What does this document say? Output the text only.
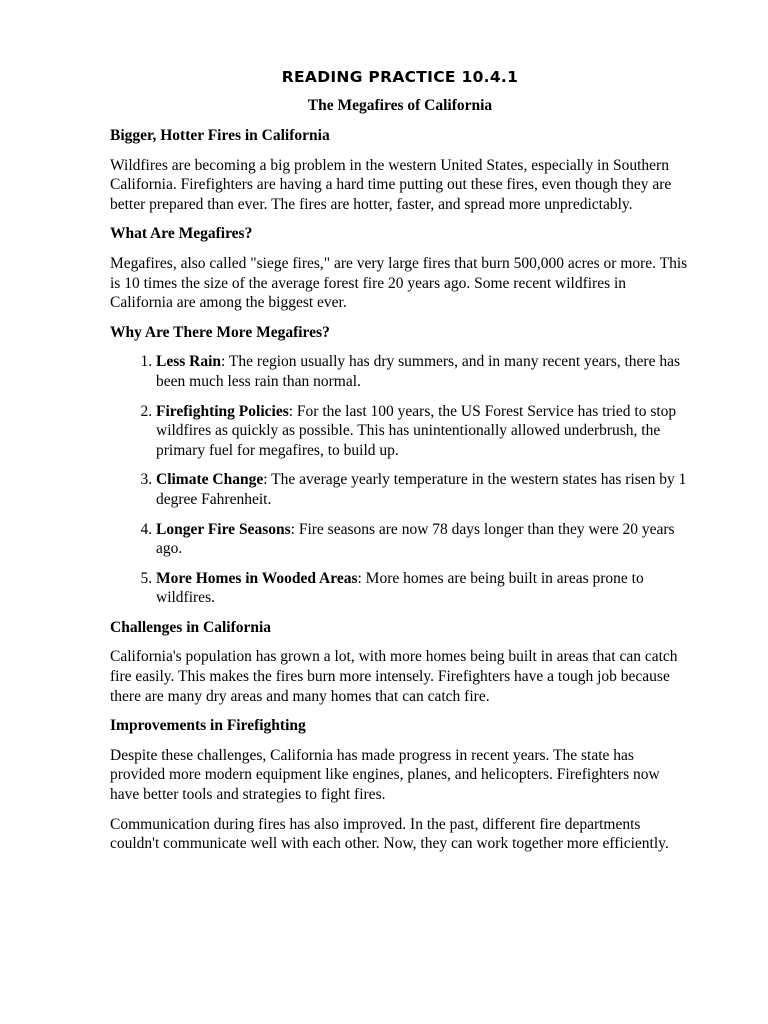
READING PRACTICE 10.4.1
The Megafires of California
Bigger, Hotter Fires in California

Wildfires are becoming a big problem in the western United States, especially in Southern California. Firefighters are having a hard time putting out these fires, even though they are better prepared than ever. The fires are hotter, faster, and spread more unpredictably.

What Are Megafires?

Megafires, also called "siege fires," are very large fires that burn 500,000 acres or more. This is 10 times the size of the average forest fire 20 years ago. Some recent wildfires in California are among the biggest ever.

Why Are There More Megafires?
1. Less Rain: The region usually has dry summers, and in many recent years, there has been much less rain than normal.
2. Firefighting Policies: For the last 100 years, the US Forest Service has tried to stop wildfires as quickly as possible. This has unintentionally allowed underbrush, the primary fuel for megafires, to build up.
3. Climate Change: The average yearly temperature in the western states has risen by 1 degree Fahrenheit.
4. Longer Fire Seasons: Fire seasons are now 78 days longer than they were 20 years ago.
5. More Homes in Wooded Areas: More homes are being built in areas prone to wildfires.
Challenges in California

California's population has grown a lot, with more homes being built in areas that can catch fire easily. This makes the fires burn more intensely. Firefighters have a tough job because there are many dry areas and many homes that can catch fire.

Improvements in Firefighting

Despite these challenges, California has made progress in recent years. The state has provided more modern equipment like engines, planes, and helicopters. Firefighters now have better tools and strategies to fight fires.

Communication during fires has also improved. In the past, different fire departments couldn't communicate well with each other. Now, they can work together more efficiently.
